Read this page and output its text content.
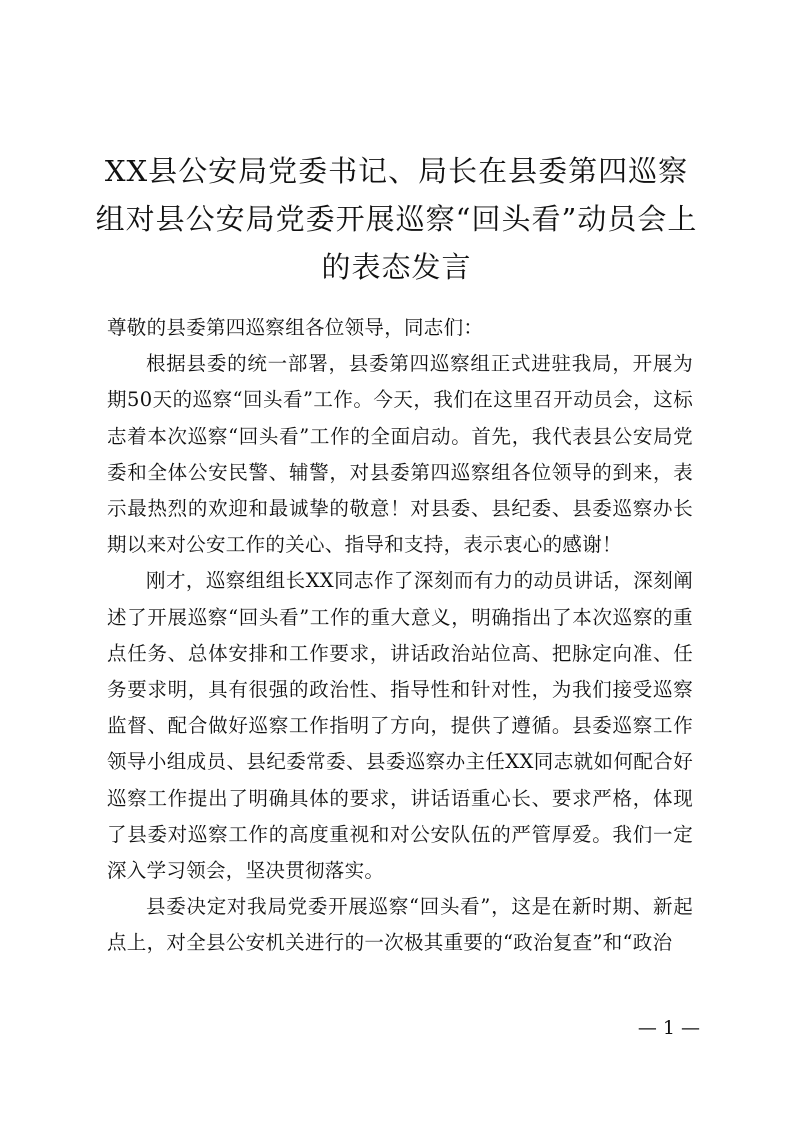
XX县公安局党委书记、局长在县委第四巡察组对县公安局党委开展巡察“回头看”动员会上的表态发言

尊敬的县委第四巡察组各位领导，同志们：

根据县委的统一部署，县委第四巡察组正式进驻我局，开展为期50天的巡察“回头看”工作。今天，我们在这里召开动员会，这标志着本次巡察“回头看”工作的全面启动。首先，我代表县公安局党委和全体公安民警、辅警，对县委第四巡察组各位领导的到来，表示最热烈的欢迎和最诚挚的敬意！对县委、县纪委、县委巡察办长期以来对公安工作的关心、指导和支持，表示衷心的感谢！

刚才，巡察组组长XX同志作了深刻而有力的动员讲话，深刻阐述了开展巡察“回头看”工作的重大意义，明确指出了本次巡察的重点任务、总体安排和工作要求，讲话政治站位高、把脉定向准、任务要求明，具有很强的政治性、指导性和针对性，为我们接受巡察监督、配合做好巡察工作指明了方向，提供了遵循。县委巡察工作领导小组成员、县纪委常委、县委巡察办主任XX同志就如何配合好巡察工作提出了明确具体的要求，讲话语重心长、要求严格，体现了县委对巡察工作的高度重视和对公安队伍的严管厚爱。我们一定深入学习领会，坚决贯彻落实。

县委决定对我局党委开展巡察“回头看”，这是在新时期、新起点上，对全县公安机关进行的一次极其重要的“政治复查”和“政治

— 1 —
